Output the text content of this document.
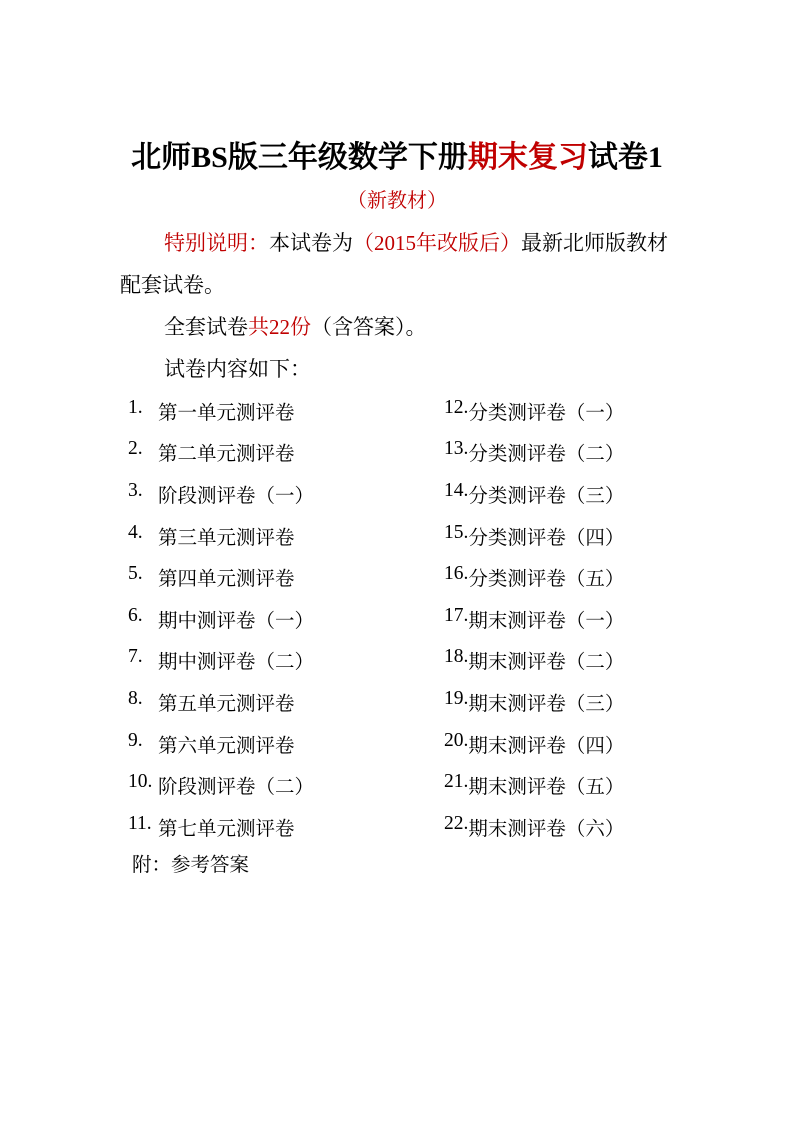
北师BS版三年级数学下册期末复习试卷1
（新教材）
特别说明：本试卷为（2015年改版后）最新北师版教材配套试卷。
全套试卷共22份（含答案）。
试卷内容如下：
1. 第一单元测评卷	12. 分类测评卷（一）
2. 第二单元测评卷	13. 分类测评卷（二）
3. 阶段测评卷（一）	14. 分类测评卷（三）
4. 第三单元测评卷	15. 分类测评卷（四）
5. 第四单元测评卷	16. 分类测评卷（五）
6. 期中测评卷（一）	17. 期末测评卷（一）
7. 期中测评卷（二）	18. 期末测评卷（二）
8. 第五单元测评卷	19. 期末测评卷（三）
9. 第六单元测评卷	20. 期末测评卷（四）
10. 阶段测评卷（二）	21. 期末测评卷（五）
11. 第七单元测评卷	22. 期末测评卷（六）
附：参考答案
